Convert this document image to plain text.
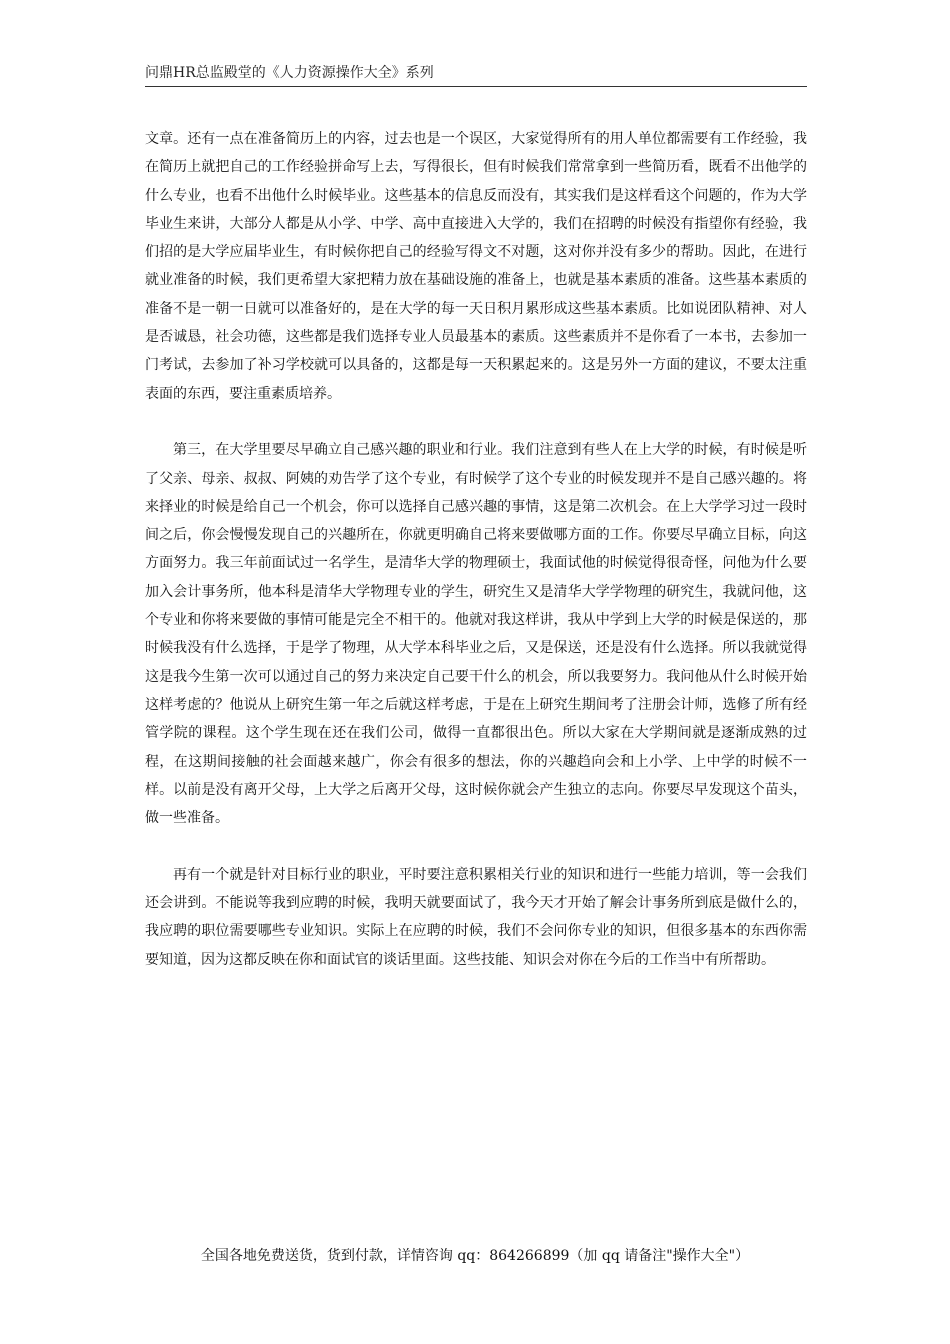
问鼎HR总监殿堂的《人力资源操作大全》系列

文章。还有一点在准备简历上的内容，过去也是一个误区，大家觉得所有的用人单位都需要有工作经验，我在简历上就把自己的工作经验拼命写上去，写得很长，但有时候我们常常拿到一些简历看，既看不出他学的什么专业，也看不出他什么时候毕业。这些基本的信息反而没有，其实我们是这样看这个问题的，作为大学毕业生来讲，大部分人都是从小学、中学、高中直接进入大学的，我们在招聘的时候没有指望你有经验，我们招的是大学应届毕业生，有时候你把自己的经验写得文不对题，这对你并没有多少的帮助。因此，在进行就业准备的时候，我们更希望大家把精力放在基础设施的准备上，也就是基本素质的准备。这些基本素质的准备不是一朝一日就可以准备好的，是在大学的每一天日积月累形成这些基本素质。比如说团队精神、对人是否诚恳，社会功德，这些都是我们选择专业人员最基本的素质。这些素质并不是你看了一本书，去参加一门考试，去参加了补习学校就可以具备的，这都是每一天积累起来的。这是另外一方面的建议，不要太注重表面的东西，要注重素质培养。

第三，在大学里要尽早确立自己感兴趣的职业和行业。我们注意到有些人在上大学的时候，有时候是听了父亲、母亲、叔叔、阿姨的劝告学了这个专业，有时候学了这个专业的时候发现并不是自己感兴趣的。将来择业的时候是给自己一个机会，你可以选择自己感兴趣的事情，这是第二次机会。在上大学学习过一段时间之后，你会慢慢发现自己的兴趣所在，你就更明确自己将来要做哪方面的工作。你要尽早确立目标，向这方面努力。我三年前面试过一名学生，是清华大学的物理硕士，我面试他的时候觉得很奇怪，问他为什么要加入会计事务所，他本科是清华大学物理专业的学生，研究生又是清华大学学物理的研究生，我就问他，这个专业和你将来要做的事情可能是完全不相干的。他就对我这样讲，我从中学到上大学的时候是保送的，那时候我没有什么选择，于是学了物理，从大学本科毕业之后，又是保送，还是没有什么选择。所以我就觉得这是我今生第一次可以通过自己的努力来决定自己要干什么的机会，所以我要努力。我问他从什么时候开始这样考虑的？他说从上研究生第一年之后就这样考虑，于是在上研究生期间考了注册会计师，选修了所有经管学院的课程。这个学生现在还在我们公司，做得一直都很出色。所以大家在大学期间就是逐渐成熟的过程，在这期间接触的社会面越来越广，你会有很多的想法，你的兴趣趋向会和上小学、上中学的时候不一样。以前是没有离开父母，上大学之后离开父母，这时候你就会产生独立的志向。你要尽早发现这个苗头，做一些准备。

再有一个就是针对目标行业的职业，平时要注意积累相关行业的知识和进行一些能力培训，等一会我们还会讲到。不能说等我到应聘的时候，我明天就要面试了，我今天才开始了解会计事务所到底是做什么的，我应聘的职位需要哪些专业知识。实际上在应聘的时候，我们不会问你专业的知识，但很多基本的东西你需要知道，因为这都反映在你和面试官的谈话里面。这些技能、知识会对你在今后的工作当中有所帮助。

全国各地免费送货，货到付款，详情咨询 qq：864266899（加 qq 请备注"操作大全"）
